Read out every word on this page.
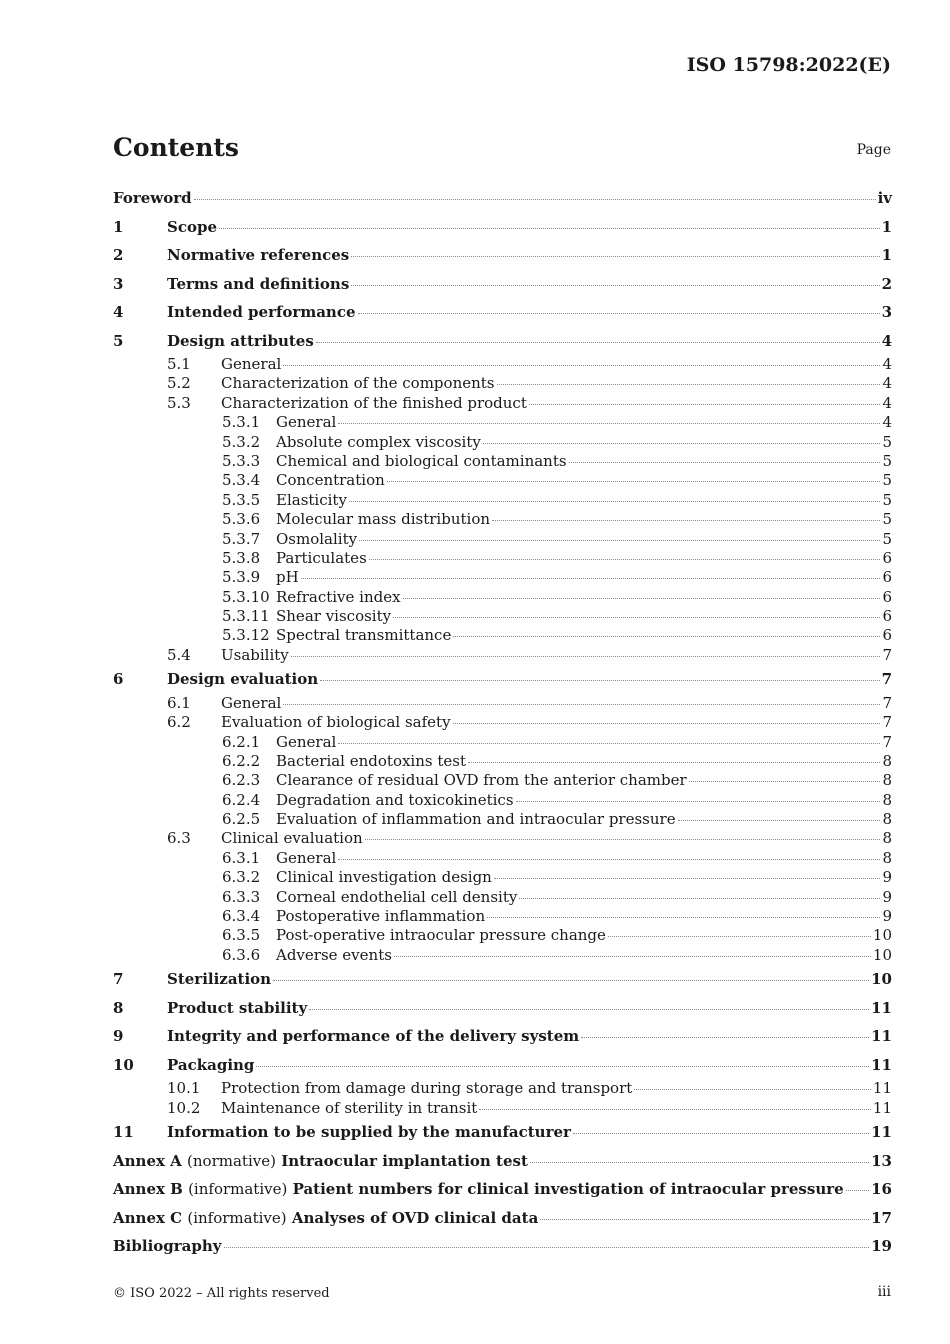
ISO 15798:2022(E)
Contents	Page
Foreword	iv
1	Scope	1
2	Normative references	1
3	Terms and definitions	2
4	Intended performance	3
5	Design attributes	4
5.1	General	4
5.2	Characterization of the components	4
5.3	Characterization of the finished product	4
5.3.1	General	4
5.3.2	Absolute complex viscosity	5
5.3.3	Chemical and biological contaminants	5
5.3.4	Concentration	5
5.3.5	Elasticity	5
5.3.6	Molecular mass distribution	5
5.3.7	Osmolality	5
5.3.8	Particulates	6
5.3.9	pH	6
5.3.10 Refractive index	6
5.3.11 Shear viscosity	6
5.3.12 Spectral transmittance	6
5.4	Usability	7
6	Design evaluation	7
6.1	General	7
6.2	Evaluation of biological safety	7
6.2.1	General	7
6.2.2	Bacterial endotoxins test	8
6.2.3	Clearance of residual OVD from the anterior chamber	8
6.2.4	Degradation and toxicokinetics	8
6.2.5	Evaluation of inflammation and intraocular pressure	8
6.3	Clinical evaluation	8
6.3.1	General	8
6.3.2	Clinical investigation design	9
6.3.3	Corneal endothelial cell density	9
6.3.4	Postoperative inflammation	9
6.3.5	Post-operative intraocular pressure change	10
6.3.6	Adverse events	10
7	Sterilization	10
8	Product stability	11
9	Integrity and performance of the delivery system	11
10	Packaging	11
10.1	Protection from damage during storage and transport	11
10.2	Maintenance of sterility in transit	11
11	Information to be supplied by the manufacturer	11
Annex A (normative) Intraocular implantation test	13
Annex B (informative) Patient numbers for clinical investigation of intraocular pressure 16
Annex C (informative) Analyses of OVD clinical data	17
Bibliography	19
© ISO 2022 – All rights reserved	iii
